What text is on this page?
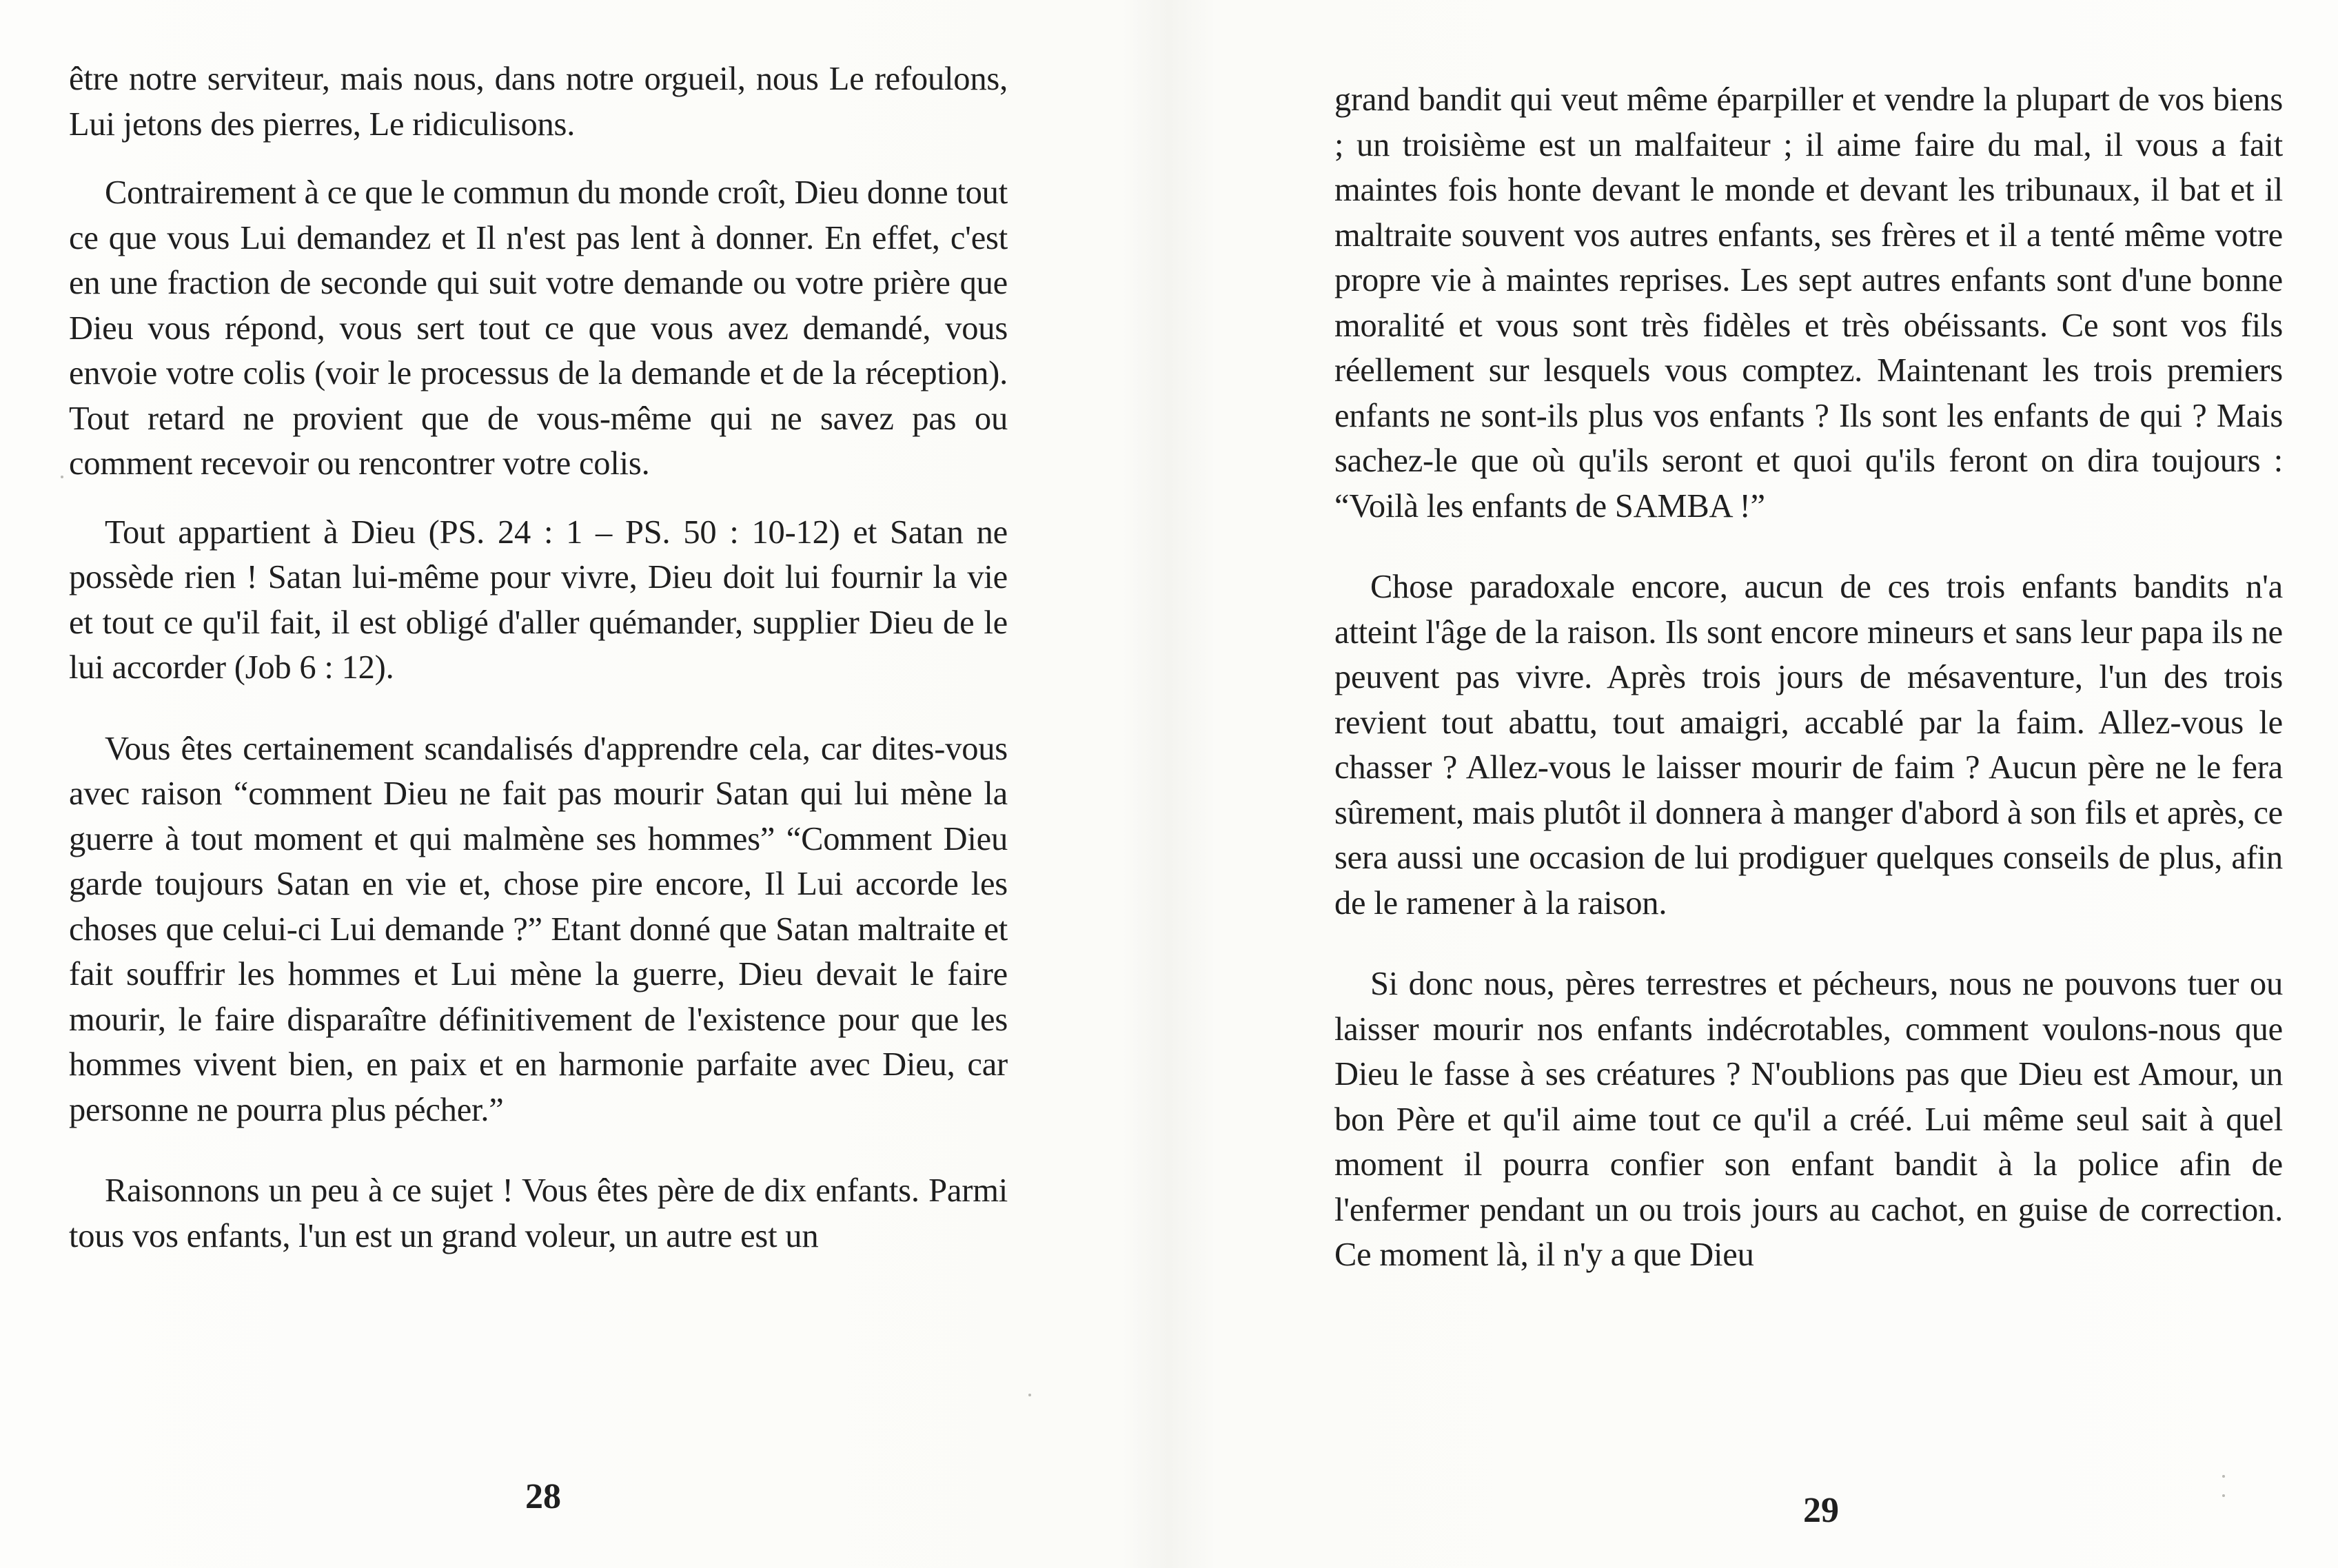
être notre serviteur, mais nous, dans notre orgueil, nous Le refoulons, Lui jetons des pierres, Le ridiculisons.

Contrairement à ce que le commun du monde croît, Dieu donne tout ce que vous Lui demandez et Il n'est pas lent à donner. En effet, c'est en une fraction de seconde qui suit votre demande ou votre prière que Dieu vous répond, vous sert tout ce que vous avez demandé, vous envoie votre colis (voir le processus de la demande et de la réception). Tout retard ne provient que de vous-même qui ne savez pas ou comment recevoir ou rencontrer votre colis.

Tout appartient à Dieu (PS. 24 : 1 – PS. 50 : 10-12) et Satan ne possède rien ! Satan lui-même pour vivre, Dieu doit lui fournir la vie et tout ce qu'il fait, il est obligé d'aller quémander, supplier Dieu de le lui accorder (Job 6 : 12).

Vous êtes certainement scandalisés d'apprendre cela, car dites-vous avec raison “comment Dieu ne fait pas mourir Satan qui lui mène la guerre à tout moment et qui malmène ses hommes” “Comment Dieu garde toujours Satan en vie et, chose pire encore, Il Lui accorde les choses que celui-ci Lui demande ?” Etant donné que Satan maltraite et fait souffrir les hommes et Lui mène la guerre, Dieu devait le faire mourir, le faire disparaître définitivement de l'existence pour que les hommes vivent bien, en paix et en harmonie parfaite avec Dieu, car personne ne pourra plus pécher.”

Raisonnons un peu à ce sujet ! Vous êtes père de dix enfants. Parmi tous vos enfants, l'un est un grand voleur, un autre est un

28

grand bandit qui veut même éparpiller et vendre la plupart de vos biens ; un troisième est un malfaiteur ; il aime faire du mal, il vous a fait maintes fois honte devant le monde et devant les tribunaux, il bat et il maltraite souvent vos autres enfants, ses frères et il a tenté même votre propre vie à maintes reprises. Les sept autres enfants sont d'une bonne moralité et vous sont très fidèles et très obéissants. Ce sont vos fils réellement sur lesquels vous comptez. Maintenant les trois premiers enfants ne sont-ils plus vos enfants ? Ils sont les enfants de qui ? Mais sachez-le que où qu'ils seront et quoi qu'ils feront on dira toujours : “Voilà les enfants de SAMBA !”

Chose paradoxale encore, aucun de ces trois enfants bandits n'a atteint l'âge de la raison. Ils sont encore mineurs et sans leur papa ils ne peuvent pas vivre. Après trois jours de mésaventure, l'un des trois revient tout abattu, tout amaigri, accablé par la faim. Allez-vous le chasser ? Allez-vous le laisser mourir de faim ? Aucun père ne le fera sûrement, mais plutôt il donnera à manger d'abord à son fils et après, ce sera aussi une occasion de lui prodiguer quelques conseils de plus, afin de le ramener à la raison.

Si donc nous, pères terrestres et pécheurs, nous ne pouvons tuer ou laisser mourir nos enfants indécrotables, comment voulons-nous que Dieu le fasse à ses créatures ? N'oublions pas que Dieu est Amour, un bon Père et qu'il aime tout ce qu'il a créé. Lui même seul sait à quel moment il pourra confier son enfant bandit à la police afin de l'enfermer pendant un ou trois jours au cachot, en guise de correction. Ce moment là, il n'y a que Dieu

29
